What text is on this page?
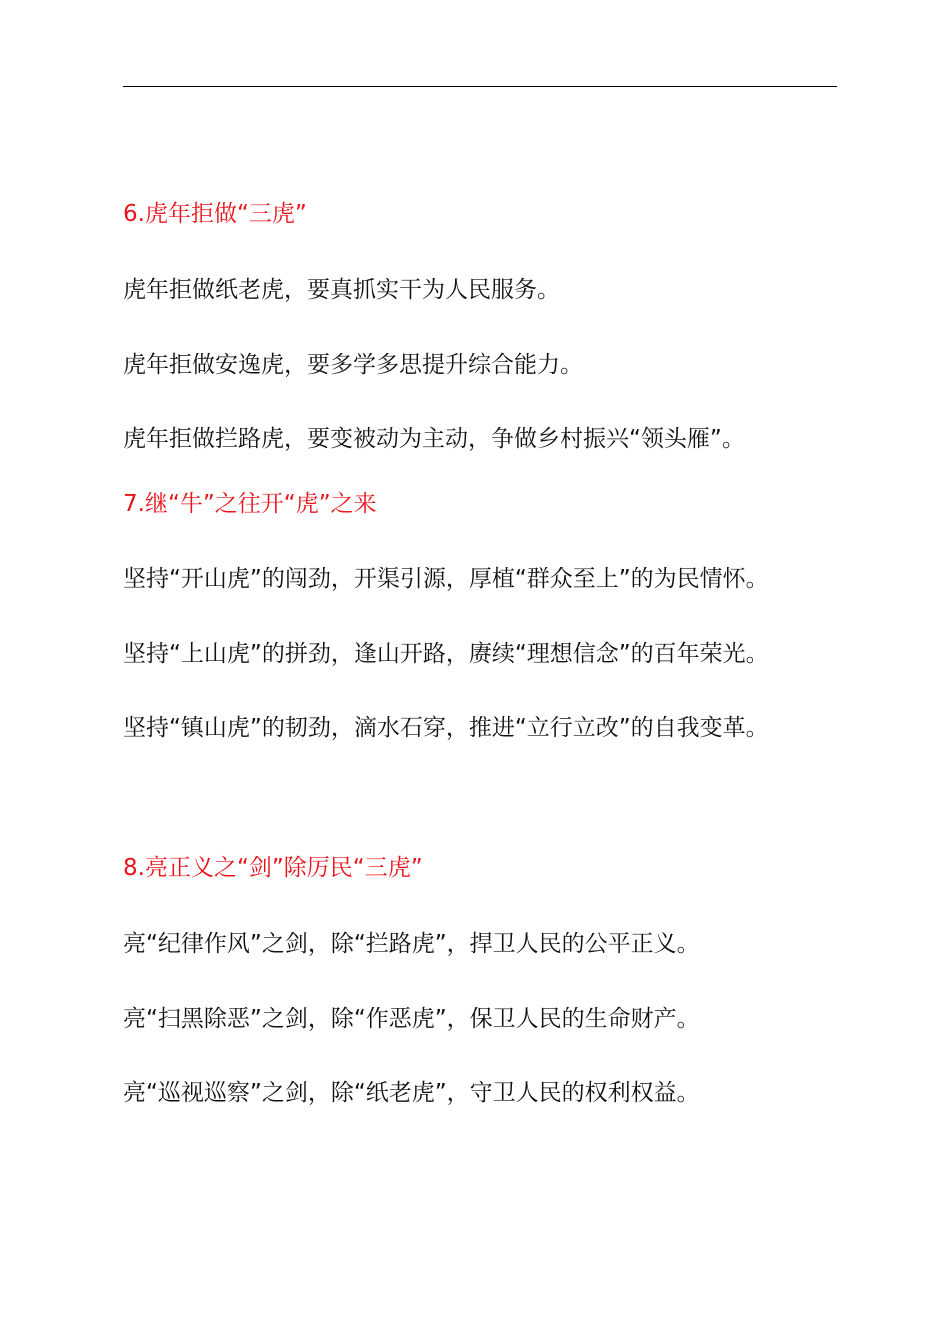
6.虎年拒做“三虎”
虎年拒做纸老虎，要真抓实干为人民服务。
虎年拒做安逸虎，要多学多思提升综合能力。
虎年拒做拦路虎，要变被动为主动，争做乡村振兴“领头雁”。
7.继“牛”之往开“虎”之来
坚持“开山虎”的闯劲，开渠引源，厚植“群众至上”的为民情怀。
坚持“上山虎”的拼劲，逢山开路，赓续“理想信念”的百年荣光。
坚持“镇山虎”的韧劲，滴水石穿，推进“立行立改”的自我变革。
8.亮正义之“剑”除厉民“三虎”
亮“纪律作风”之剑，除“拦路虎”，捍卫人民的公平正义。
亮“扫黑除恶”之剑，除“作恶虎”，保卫人民的生命财产。
亮“巡视巡察”之剑，除“纸老虎”，守卫人民的权利权益。
